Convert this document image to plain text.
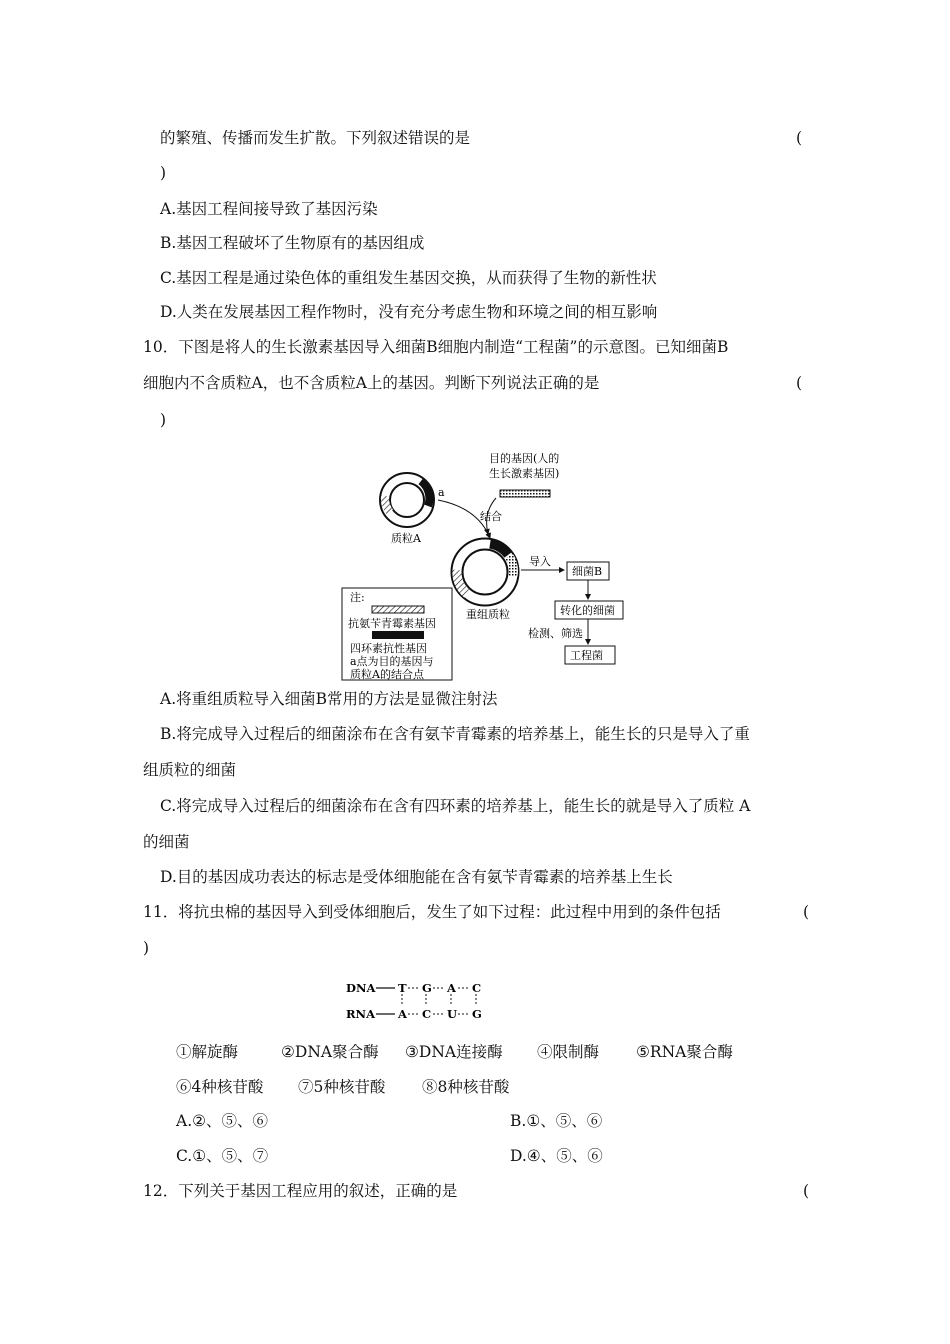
的繁殖、传播而发生扩散。下列叙述错误的是	(
)
A.基因工程间接导致了基因污染
B.基因工程破坏了生物原有的基因组成
C.基因工程是通过染色体的重组发生基因交换，从而获得了生物的新性状
D.人类在发展基因工程作物时，没有充分考虑生物和环境之间的相互影响
10．下图是将人的生长激素基因导入细菌B细胞内制造“工程菌”的示意图。已知细菌B
细胞内不含质粒A，也不含质粒A上的基因。判断下列说法正确的是	(
)
a
质粒A
目的基因(人的
生长激素基因)
结合
重组质粒
导入
细菌B
转化的细菌
检测、筛选
工程菌
注:
抗氨苄青霉素基因
四环素抗性基因
a点为目的基因与
质粒A的结合点
A.将重组质粒导入细菌B常用的方法是显微注射法
B.将完成导入过程后的细菌涂布在含有氨苄青霉素的培养基上，能生长的只是导入了重
组质粒的细菌
C.将完成导入过程后的细菌涂布在含有四环素的培养基上，能生长的就是导入了质粒 A
的细菌
D.目的基因成功表达的标志是受体细胞能在含有氨苄青霉素的培养基上生长
11．将抗虫棉的基因导入到受体细胞后，发生了如下过程：此过程中用到的条件包括	(
)
DNA
RNA
T G A C
A C U G
①解旋酶	②DNA聚合酶 ③DNA连接酶 ④限制酶 ⑤RNA聚合酶
⑥4种核苷酸 ⑦5种核苷酸 ⑧8种核苷酸
A.②、⑤、⑥	B.①、⑤、⑥
C.①、⑤、⑦	D.④、⑤、⑥
12．下列关于基因工程应用的叙述，正确的是	(
